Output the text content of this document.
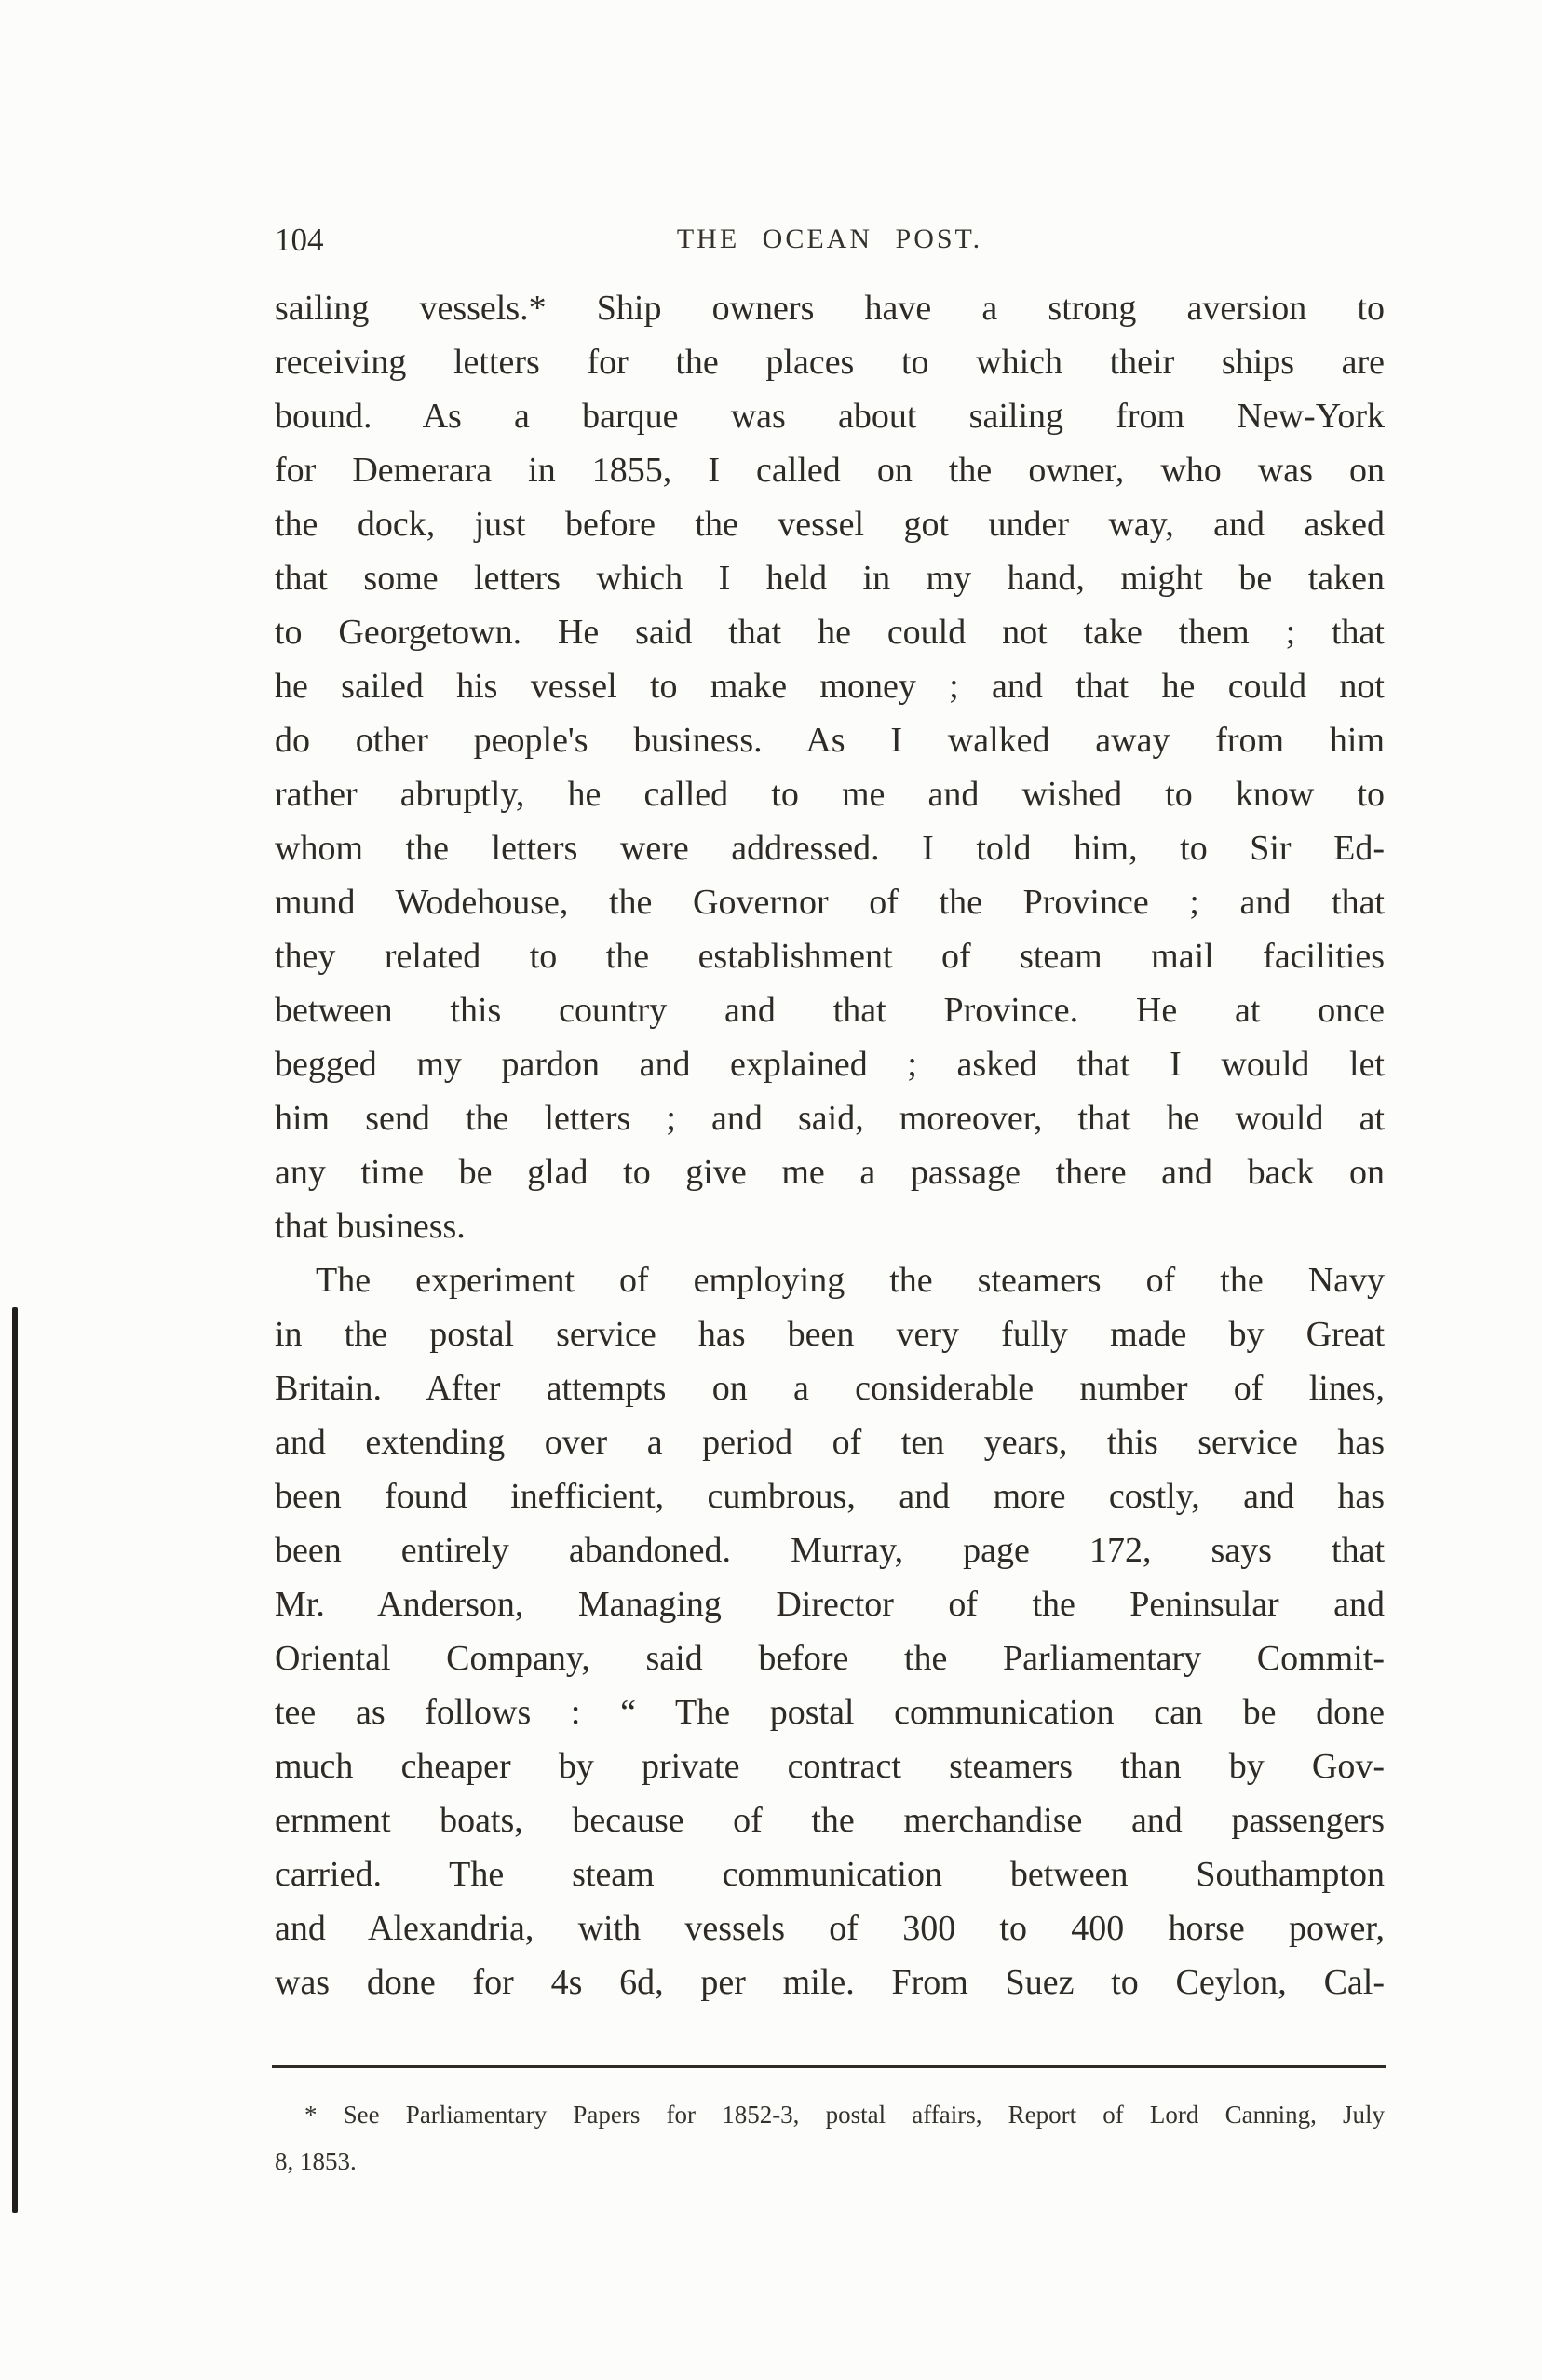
104	THE OCEAN POST.
sailing vessels.* Ship owners have a strong aversion to
receiving letters for the places to which their ships are
bound. As a barque was about sailing from New-York
for Demerara in 1855, I called on the owner, who was on
the dock, just before the vessel got under way, and asked
that some letters which I held in my hand, might be taken
to Georgetown. He said that he could not take them ; that
he sailed his vessel to make money ; and that he could not
do other people's business. As I walked away from him
rather abruptly, he called to me and wished to know to
whom the letters were addressed. I told him, to Sir Ed-
mund Wodehouse, the Governor of the Province ; and that
they related to the establishment of steam mail facilities
between this country and that Province. He at once
begged my pardon and explained ; asked that I would let
him send the letters ; and said, moreover, that he would at
any time be glad to give me a passage there and back on
that business.
The experiment of employing the steamers of the Navy
in the postal service has been very fully made by Great
Britain. After attempts on a considerable number of lines,
and extending over a period of ten years, this service has
been found inefficient, cumbrous, and more costly, and has
been entirely abandoned. Murray, page 172, says that
Mr. Anderson, Managing Director of the Peninsular and
Oriental Company, said before the Parliamentary Commit-
tee as follows : “ The postal communication can be done
much cheaper by private contract steamers than by Gov-
ernment boats, because of the merchandise and passengers
carried. The steam communication between Southampton
and Alexandria, with vessels of 300 to 400 horse power,
was done for 4s 6d, per mile. From Suez to Ceylon, Cal-
* See Parliamentary Papers for 1852-3, postal affairs, Report of Lord Canning, July
8, 1853.
